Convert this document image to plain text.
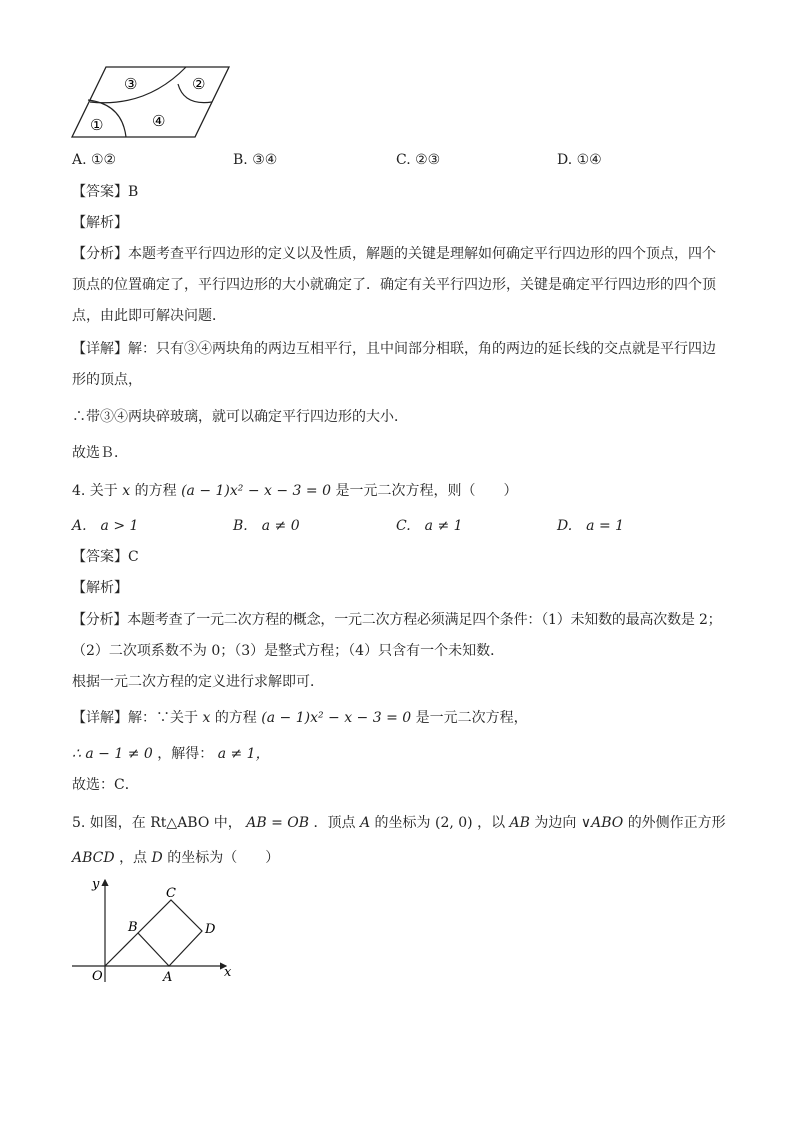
③	②
①	④
A. ①②	B. ③④	C. ②③	D. ①④
【答案】B
【解析】
【分析】本题考查平行四边形的定义以及性质，解题的关键是理解如何确定平行四边形的四个顶点，四个
顶点的位置确定了，平行四边形的大小就确定了．确定有关平行四边形，关键是确定平行四边形的四个顶
点，由此即可解决问题．
【详解】解：只有③④两块角的两边互相平行，且中间部分相联，角的两边的延长线的交点就是平行四边
形的顶点，
∴带③④两块碎玻璃，就可以确定平行四边形的大小．
故选Ｂ．
4. 关于 x 的方程 (a − 1)x² − x − 3 = 0 是一元二次方程，则（　　）
A.　a > 1	B.　a ≠ 0	C.　a ≠ 1	D.　a = 1
【答案】C
【解析】
【分析】本题考查了一元二次方程的概念，一元二次方程必须满足四个条件：（1）未知数的最高次数是 2；
（2）二次项系数不为 0；（3）是整式方程；（4）只含有一个未知数．
根据一元二次方程的定义进行求解即可．
【详解】解：∵关于 x 的方程 (a − 1)x² − x − 3 = 0 是一元二次方程，
∴ a − 1 ≠ 0 ，解得： a ≠ 1，
故选：C．
5. 如图，在 Rt△ABO 中， AB = OB ．顶点 A 的坐标为 (2, 0) ，以 AB 为边向 ∨ABO 的外侧作正方形
ABCD ，点 D 的坐标为（　　）
y
x
O	A
B
C
D
